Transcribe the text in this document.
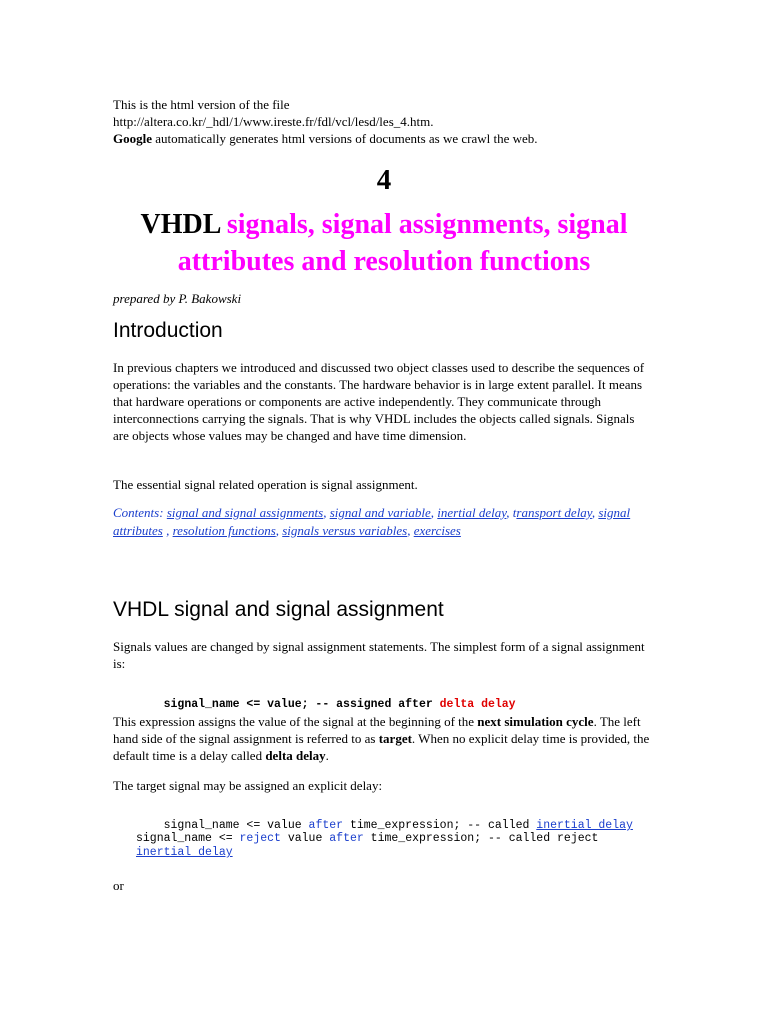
This is the html version of the file

http://altera.co.kr/_hdl/1/www.ireste.fr/fdl/vcl/lesd/les_4.htm.

Google automatically generates html versions of documents as we crawl the web.

4
VHDL signals, signal assignments, signal attributes and resolution functions
prepared by P. Bakowski
Introduction

In previous chapters we introduced and discussed two object classes used to describe the sequences of operations: the variables and the constants. The hardware behavior is in large extent parallel. It means that hardware operations or components are active independently. They communicate through interconnections carrying the signals. That is why VHDL includes the objects called signals. Signals are objects whose values may be changed and have time dimension.

The essential signal related operation is signal assignment.

Contents: signal and signal assignments, signal and variable, inertial delay, transport delay, signal attributes , resolution functions, signals versus variables, exercises
VHDL signal and signal assignment

Signals values are changed by signal assignment statements. The simplest form of a signal assignment is:

signal_name <= value; -- assigned after delta delay

This expression assigns the value of the signal at the beginning of the next simulation cycle. The left hand side of the signal assignment is referred to as target. When no explicit delay time is provided, the default time is a delay called delta delay.

The target signal may be assigned an explicit delay:

signal_name <= value after time_expression; -- called inertial delay

signal_name <= reject value after time_expression; -- called reject
inertial delay

or
